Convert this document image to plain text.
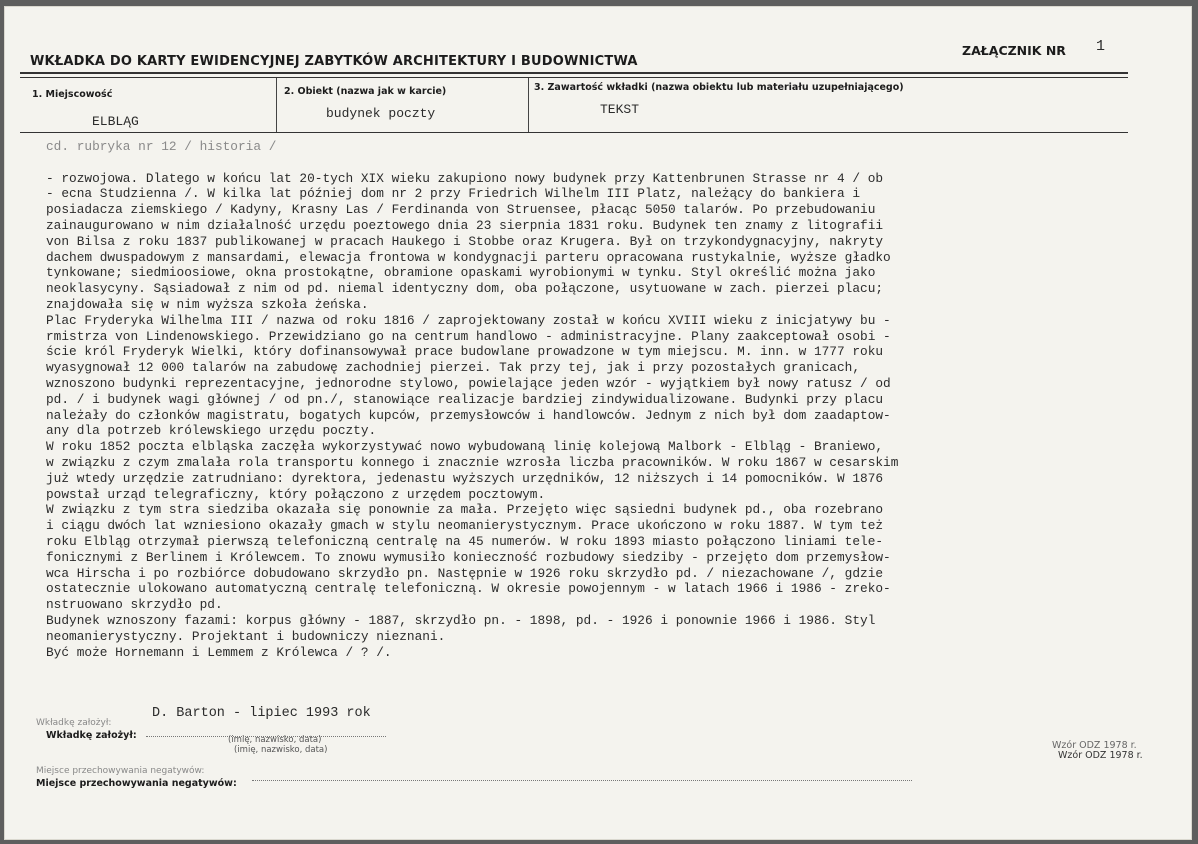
WKŁADKA DO KARTY EWIDENCYJNEJ ZABYTKÓW ARCHITEKTURY I BUDOWNICTWA
ZAŁĄCZNIK NR 1
1. Miejscowość
ELBLĄG
2. Obiekt (nazwa jak w karcie)
budynek poczty
3. Zawartość wkładki (nazwa obiektu lub materiału uzupełniającego)
TEKST
cd. rubryka nr 12 / historia /

- rozwojowa. Dlatego w końcu lat 20-tych XIX wieku zakupiono nowy budynek przy Kattenbrunen Strasse nr 4 / ob
- ecna Studzienna /. W kilka lat później dom nr 2 przy Friedrich Wilhelm III Platz, należący do bankiera i
posiadacza ziemskiego / Kadyny, Krasny Las / Ferdinanda von Struensee, płacąc 5050 talarów. Po przebudowaniu
zainaugurowano w nim działalność urzędu poeztowego dnia 23 sierpnia 1831 roku. Budynek ten znamy z litografii
von Bilsa z roku 1837 publikowanej w pracach Haukego i Stobbe oraz Krugera. Był on trzykondygnacyjny, nakryty
dachem dwuspadowym z mansardami, elewacja frontowa w kondygnacji parteru opracowana rustykalnie, wyższe gładko
tynkowane; siedmioosiowe, okna prostokątne, obramione opaskami wyrobionymi w tynku. Styl określić można jako
neoklasycyny. Sąsiadował z nim od pd. niemal identyczny dom, oba połączone, usytuowane w zach. pierzei placu;
znajdowała się w nim wyższa szkoła żeńska.
Plac Fryderyka Wilhelma III / nazwa od roku 1816 / zaprojektowany został w końcu XVIII wieku z inicjatywy bu -
rmistrza von Lindenowskiego. Przewidziano go na centrum handlowo - administracyjne. Plany zaakceptował osobi -
ście król Fryderyk Wielki, który dofinansowywał prace budowlane prowadzone w tym miejscu. M. inn. w 1777 roku
wyasygnował 12 000 talarów na zabudowę zachodniej pierzei. Tak przy tej, jak i przy pozostałych granicach,
wznoszono budynki reprezentacyjne, jednorodne stylowo, powielające jeden wzór - wyjątkiem był nowy ratusz / od
pd. / i budynek wagi głównej / od pn./, stanowiące realizacje bardziej zindywidualizowane. Budynki przy placu
należały do członków magistratu, bogatych kupców, przemysłowców i handlowców. Jednym z nich był dom zaadaptow-
any dla potrzeb królewskiego urzędu poczty.
W roku 1852 poczta elbląska zaczęła wykorzystywać nowo wybudowaną linię kolejową Malbork - Elbląg - Braniewo,
w związku z czym zmalała rola transportu konnego i znacznie wzrosła liczba pracowników. W roku 1867 w cesarskim
już wtedy urzędzie zatrudniano: dyrektora, jedenastu wyższych urzędników, 12 niższych i 14 pomocników. W 1876
powstał urząd telegraficzny, który połączono z urzędem pocztowym.
W związku z tym stra siedziba okazała się ponownie za mała. Przejęto więc sąsiedni budynek pd., oba rozebrano
i ciągu dwóch lat wzniesiono okazały gmach w stylu neomanierystycznym. Prace ukończono w roku 1887. W tym też
roku Elbląg otrzymał pierwszą telefoniczną centralę na 45 numerów. W roku 1893 miasto połączono liniami tele-
fonicznymi z Berlinem i Królewcem. To znowu wymusiło konieczność rozbudowy siedziby - przejęto dom przemysłow-
wca Hirscha i po rozbiórce dobudowano skrzydło pn. Następnie w 1926 roku skrzydło pd. / niezachowane /, gdzie
ostatecznie ulokowano automatyczną centralę telefoniczną. W okresie powojennym - w latach 1966 i 1986 - zreko-
nstruowano skrzydło pd.
Budynek wznoszony fazami: korpus główny - 1887, skrzydło pn. - 1898, pd. - 1926 i ponownie 1966 i 1986. Styl
neomanierystyczny. Projektant i budowniczy nieznani.
Być może Hornemann i Lemmem z Królewca / ? /.
Wkładkę założył:
Wkładkę założył:
D. Barton - lipiec 1993 rok
(imię, nazwisko, data)
(imię, nazwisko, data)
Miejsce przechowywania negatywów:
Miejsce przechowywania negatywów:
Wzór ODZ 1978 r.
Wzór ODZ 1978 r.
